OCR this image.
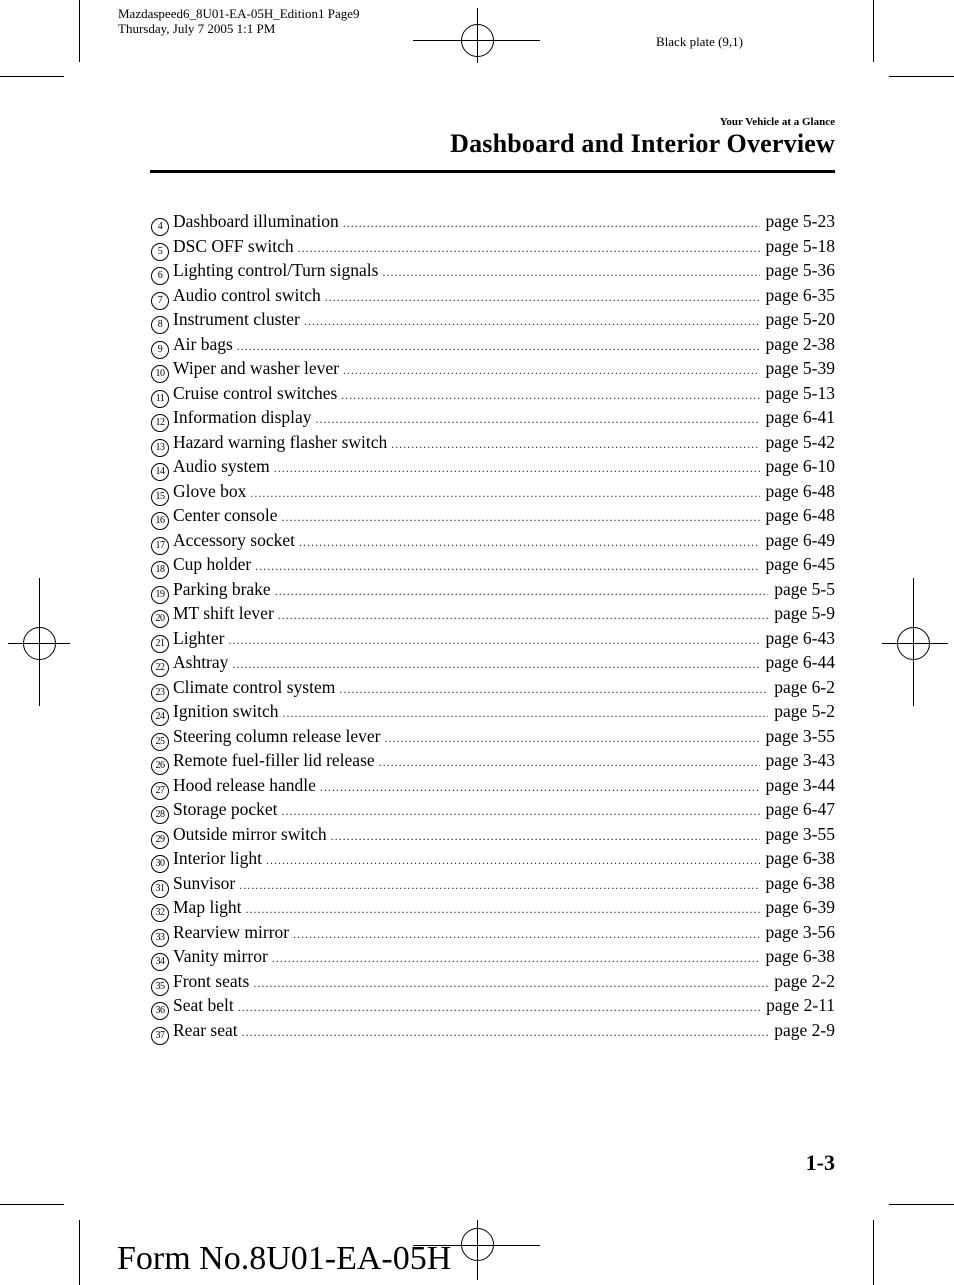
Mazdaspeed6_8U01-EA-05H_Edition1 Page9
Thursday, July 7 2005 1:1 PM
Black plate (9,1)
Your Vehicle at a Glance
Dashboard and Interior Overview
4 Dashboard illumination .....	page 5-23
5 DSC OFF switch .....	page 5-18
6 Lighting control/Turn signals .....	page 5-36
7 Audio control switch .....	page 6-35
8 Instrument cluster .....	page 5-20
9 Air bags .....	page 2-38
10 Wiper and washer lever .....	page 5-39
11 Cruise control switches .....	page 5-13
12 Information display .....	page 6-41
13 Hazard warning flasher switch .....	page 5-42
14 Audio system .....	page 6-10
15 Glove box .....	page 6-48
16 Center console .....	page 6-48
17 Accessory socket .....	page 6-49
18 Cup holder .....	page 6-45
19 Parking brake .....	page 5-5
20 MT shift lever .....	page 5-9
21 Lighter .....	page 6-43
22 Ashtray .....	page 6-44
23 Climate control system .....	page 6-2
24 Ignition switch .....	page 5-2
25 Steering column release lever .....	page 3-55
26 Remote fuel-filler lid release .....	page 3-43
27 Hood release handle .....	page 3-44
28 Storage pocket .....	page 6-47
29 Outside mirror switch .....	page 3-55
30 Interior light .....	page 6-38
31 Sunvisor .....	page 6-38
32 Map light .....	page 6-39
33 Rearview mirror .....	page 3-56
34 Vanity mirror .....	page 6-38
35 Front seats .....	page 2-2
36 Seat belt .....	page 2-11
37 Rear seat .....	page 2-9
1-3
Form No.8U01-EA-05H
